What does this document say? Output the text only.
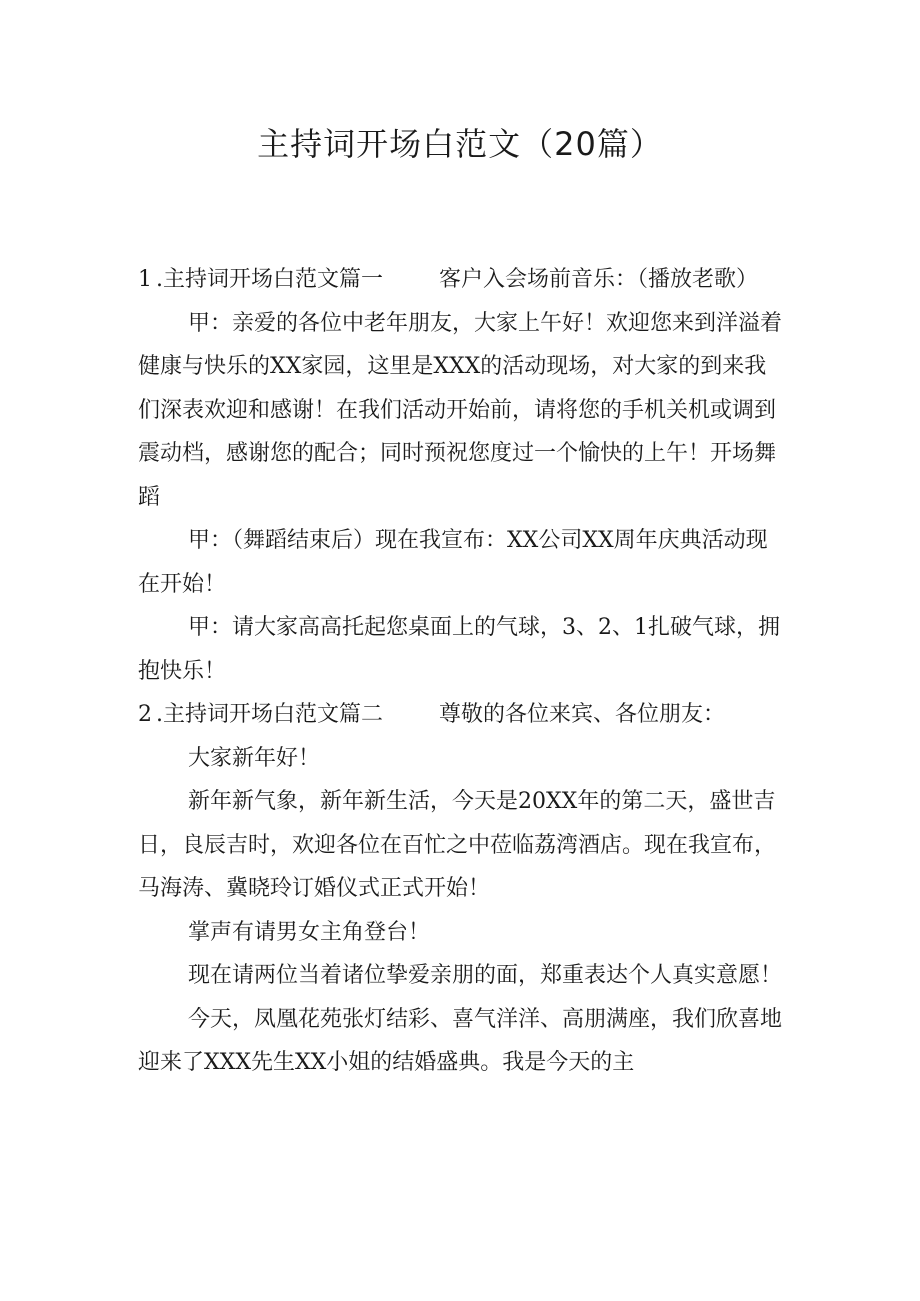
主持词开场白范文（20篇）

1.主持词开场白范文篇一	客户入会场前音乐：（播放老歌）

甲：亲爱的各位中老年朋友，大家上午好！欢迎您来到洋溢着健康与快乐的XX家园，这里是XXX的活动现场，对大家的到来我们深表欢迎和感谢！在我们活动开始前，请将您的手机关机或调到震动档，感谢您的配合；同时预祝您度过一个愉快的上午！开场舞蹈

甲：（舞蹈结束后）现在我宣布：XX公司XX周年庆典活动现在开始！

甲：请大家高高托起您桌面上的气球，3、2、1扎破气球，拥抱快乐！

2.主持词开场白范文篇二	尊敬的各位来宾、各位朋友：

大家新年好！

新年新气象，新年新生活，今天是20XX年的第二天，盛世吉日，良辰吉时，欢迎各位在百忙之中莅临荔湾酒店。现在我宣布，马海涛、冀晓玲订婚仪式正式开始！

掌声有请男女主角登台！

现在请两位当着诸位挚爱亲朋的面，郑重表达个人真实意愿！

今天，凤凰花苑张灯结彩、喜气洋洋、高朋满座，我们欣喜地迎来了XXX先生XX小姐的结婚盛典。我是今天的主
